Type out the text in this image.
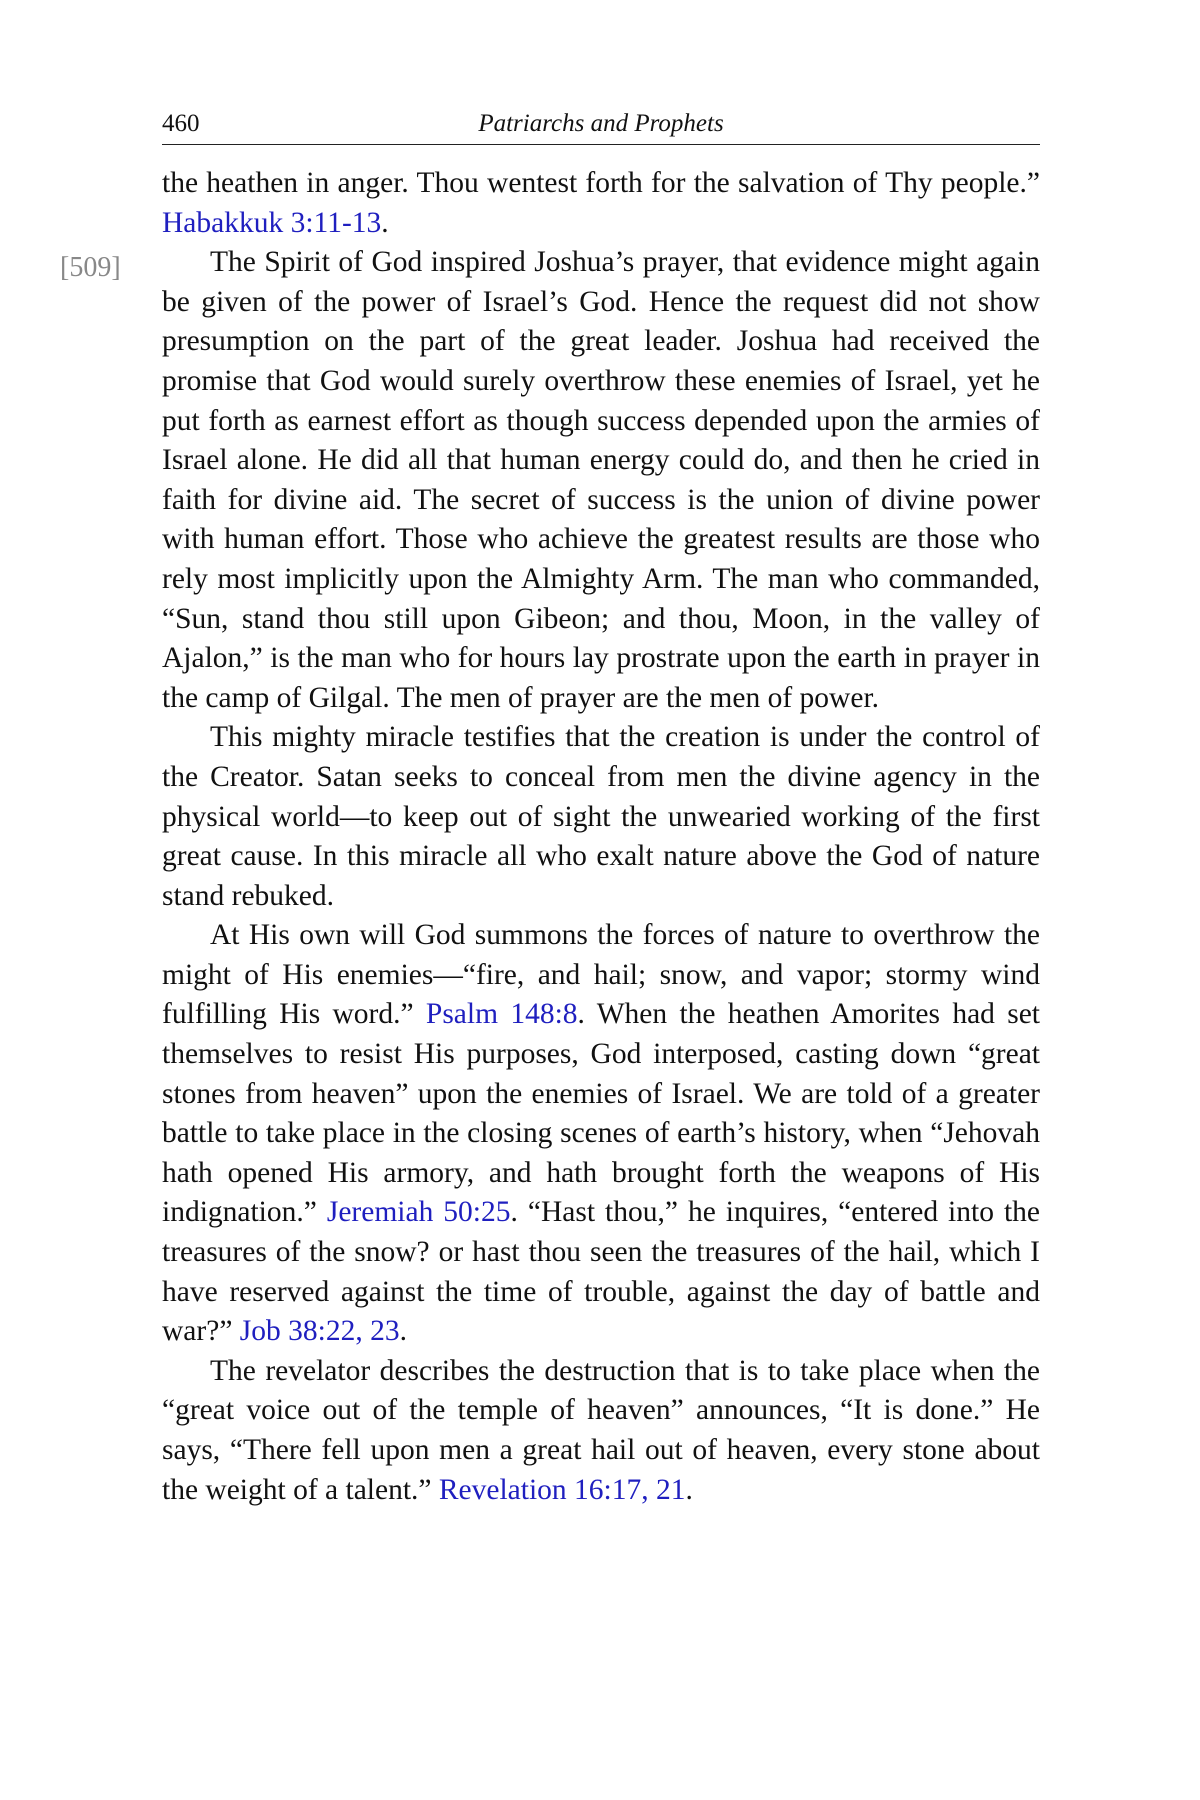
460	Patriarchs and Prophets
[509]

the heathen in anger. Thou wentest forth for the salvation of Thy people.” Habakkuk 3:11-13.

The Spirit of God inspired Joshua’s prayer, that evidence might again be given of the power of Israel’s God. Hence the request did not show presumption on the part of the great leader. Joshua had received the promise that God would surely overthrow these enemies of Israel, yet he put forth as earnest effort as though success depended upon the armies of Israel alone. He did all that human energy could do, and then he cried in faith for divine aid. The secret of success is the union of divine power with human effort. Those who achieve the greatest results are those who rely most implicitly upon the Almighty Arm. The man who commanded, “Sun, stand thou still upon Gibeon; and thou, Moon, in the valley of Ajalon,” is the man who for hours lay prostrate upon the earth in prayer in the camp of Gilgal. The men of prayer are the men of power.

This mighty miracle testifies that the creation is under the control of the Creator. Satan seeks to conceal from men the divine agency in the physical world—to keep out of sight the unwearied working of the first great cause. In this miracle all who exalt nature above the God of nature stand rebuked.

At His own will God summons the forces of nature to overthrow the might of His enemies—“fire, and hail; snow, and vapor; stormy wind fulfilling His word.” Psalm 148:8. When the heathen Amorites had set themselves to resist His purposes, God interposed, casting down “great stones from heaven” upon the enemies of Israel. We are told of a greater battle to take place in the closing scenes of earth’s history, when “Jehovah hath opened His armory, and hath brought forth the weapons of His indignation.” Jeremiah 50:25. “Hast thou,” he inquires, “entered into the treasures of the snow? or hast thou seen the treasures of the hail, which I have reserved against the time of trouble, against the day of battle and war?” Job 38:22, 23.

The revelator describes the destruction that is to take place when the “great voice out of the temple of heaven” announces, “It is done.” He says, “There fell upon men a great hail out of heaven, every stone about the weight of a talent.” Revelation 16:17, 21.
